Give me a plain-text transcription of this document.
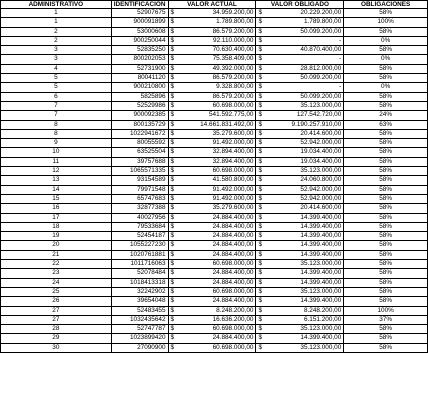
ADMINISTRATIVO	IDENTIFICACION	VALOR ACTUAL		VALOR OBLIGADO		OBLIGACIONES
1	52907675	$	34.959.200,00	$	20.229.200,00	58%
1	900091899	$	1.789.800,00	$	1.789.800,00	100%
2	53000608	$	86.579.200,00	$	50.099.200,00	58%
2	900250044	$	92.110.000,00	$	-	0%
3	52835250	$	70.630.400,00	$	40.870.400,00	58%
3	800202053	$	75.358.409,00	$	-	0%
4	52731900	$	49.392.000,00	$	28.812.000,00	58%
5	80041120	$	86.579.200,00	$	50.099.200,00	58%
5	900210800	$	9.328.800,00	$	-	0%
6	5825896	$	86.579.200,00	$	50.099.200,00	58%
7	52529986	$	60.698.000,00	$	35.123.000,00	58%
7	900092385	$	541.592.775,00	$	127.542.720,00	24%
8	800135729	$	14.661.831.492,00	$	9.190.257.910,00	63%
8	1022941672	$	35.279.600,00	$	20.414.600,00	58%
9	80055592	$	91.492.000,00	$	52.942.000,00	58%
10	63525504	$	32.894.400,00	$	19.034.400,00	58%
11	39757688	$	32.894.400,00	$	19.034.400,00	58%
12	1065571335	$	60.698.000,00	$	35.123.000,00	58%
13	93154589	$	41.580.800,00	$	24.060.800,00	58%
14	79971548	$	91.492.000,00	$	52.942.000,00	58%
15	65747683	$	91.492.000,00	$	52.942.000,00	58%
16	32877388	$	35.279.600,00	$	20.414.600,00	58%
17	40027956	$	24.884.400,00	$	14.399.400,00	58%
18	79533684	$	24.884.400,00	$	14.399.400,00	58%
19	52454187	$	24.884.400,00	$	14.399.400,00	58%
20	1055227230	$	24.884.400,00	$	14.399.400,00	58%
21	1020761881	$	24.884.400,00	$	14.399.400,00	58%
22	1011716063	$	60.698.000,00	$	35.123.000,00	58%
23	52078484	$	24.884.400,00	$	14.399.400,00	58%
24	1018413318	$	24.884.400,00	$	14.399.400,00	58%
25	32242902	$	60.698.000,00	$	35.123.000,00	58%
26	39654048	$	24.884.400,00	$	14.399.400,00	58%
27	52483455	$	8.248.200,00	$	8.248.200,00	100%
27	1032435642	$	16.636.200,00	$	6.151.200,00	37%
28	52747787	$	60.698.000,00	$	35.123.000,00	58%
29	1023899420	$	24.884.400,00	$	14.399.400,00	58%
30	27090900	$	60.698.000,00	$	35.123.000,00	58%
